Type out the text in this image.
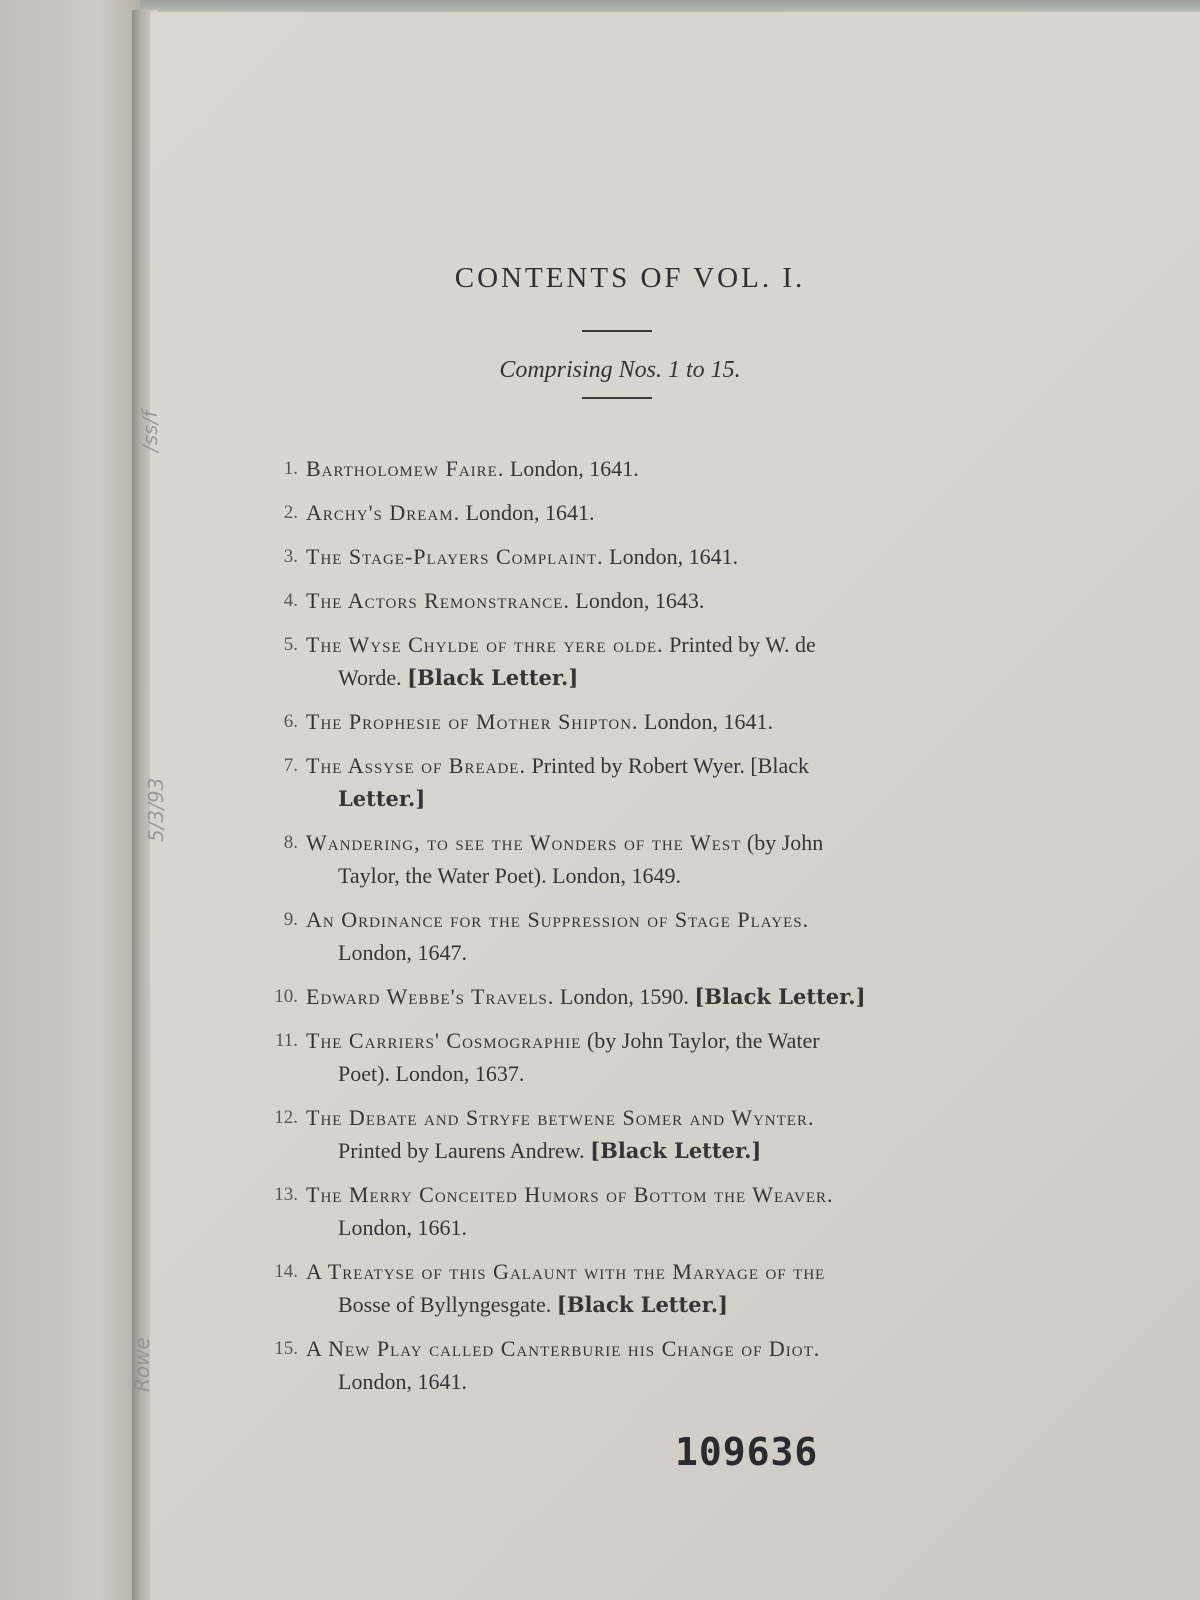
/ss/f
5/3/93
Rowe
CONTENTS OF VOL. I.
Comprising Nos. 1 to 15.
1. Bartholomew Faire. London, 1641.
2. Archy's Dream. London, 1641.
3. The Stage-Players Complaint. London, 1641.
4. The Actors Remonstrance. London, 1643.
5. The Wyse Chylde of thre yere olde. Printed by W. de
Worde. [Black Letter.]
6. The Prophesie of Mother Shipton. London, 1641.
7. The Assyse of Breade. Printed by Robert Wyer. [Black
Letter.]
8. Wandering, to see the Wonders of the West (by John
Taylor, the Water Poet). London, 1649.
9. An Ordinance for the Suppression of Stage Playes.
London, 1647.
10. Edward Webbe's Travels. London, 1590. [Black Letter.]
11. The Carriers' Cosmographie (by John Taylor, the Water
Poet). London, 1637.
12. The Debate and Stryfe betwene Somer and Wynter.
Printed by Laurens Andrew. [Black Letter.]
13. The Merry Conceited Humors of Bottom the Weaver.
London, 1661.
14. A Treatyse of this Galaunt with the Maryage of the
Bosse of Byllyngesgate. [Black Letter.]
15. A New Play called Canterburie his Change of Diot.
London, 1641.
109636
